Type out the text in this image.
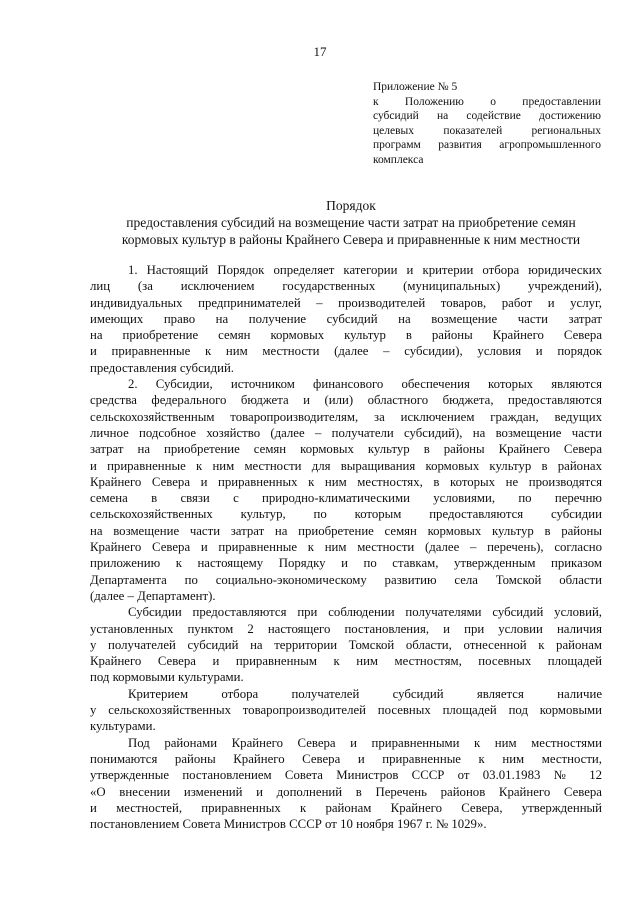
17
Приложение № 5
к Положению о предоставлении
субсидий на содействие достижению
целевых показателей региональных
программ развития агропромышленного
комплекса
Порядок
предоставления субсидий на возмещение части затрат на приобретение семян
кормовых культур в районы Крайнего Севера и приравненные к ним местности

1. Настоящий Порядок определяет категории и критерии отбора юридических
лиц (за исключением государственных (муниципальных) учреждений),
индивидуальных предпринимателей – производителей товаров, работ и услуг,
имеющих право на получение субсидий на возмещение части затрат
на приобретение семян кормовых культур в районы Крайнего Севера
и приравненные к ним местности (далее – субсидии), условия и порядок
предоставления субсидий.

2. Субсидии, источником финансового обеспечения которых являются
средства федерального бюджета и (или) областного бюджета, предоставляются
сельскохозяйственным товаропроизводителям, за исключением граждан, ведущих
личное подсобное хозяйство (далее – получатели субсидий), на возмещение части
затрат на приобретение семян кормовых культур в районы Крайнего Севера
и приравненные к ним местности для выращивания кормовых культур в районах
Крайнего Севера и приравненных к ним местностях, в которых не производятся
семена в связи с природно-климатическими условиями, по перечню
сельскохозяйственных культур, по которым предоставляются субсидии
на возмещение части затрат на приобретение семян кормовых культур в районы
Крайнего Севера и приравненные к ним местности (далее – перечень), согласно
приложению к настоящему Порядку и по ставкам, утвержденным приказом
Департамента по социально-экономическому развитию села Томской области
(далее – Департамент).

Субсидии предоставляются при соблюдении получателями субсидий условий,
установленных пунктом 2 настоящего постановления, и при условии наличия
у получателей субсидий на территории Томской области, отнесенной к районам
Крайнего Севера и приравненным к ним местностям, посевных площадей
под кормовыми культурами.

Критерием отбора получателей субсидий является наличие
у сельскохозяйственных товаропроизводителей посевных площадей под кормовыми
культурами.

Под районами Крайнего Севера и приравненными к ним местностями
понимаются районы Крайнего Севера и приравненные к ним местности,
утвержденные постановлением Совета Министров СССР от 03.01.1983 № 12
«О внесении изменений и дополнений в Перечень районов Крайнего Севера
и местностей, приравненных к районам Крайнего Севера, утвержденный
постановлением Совета Министров СССР от 10 ноября 1967 г. № 1029».
